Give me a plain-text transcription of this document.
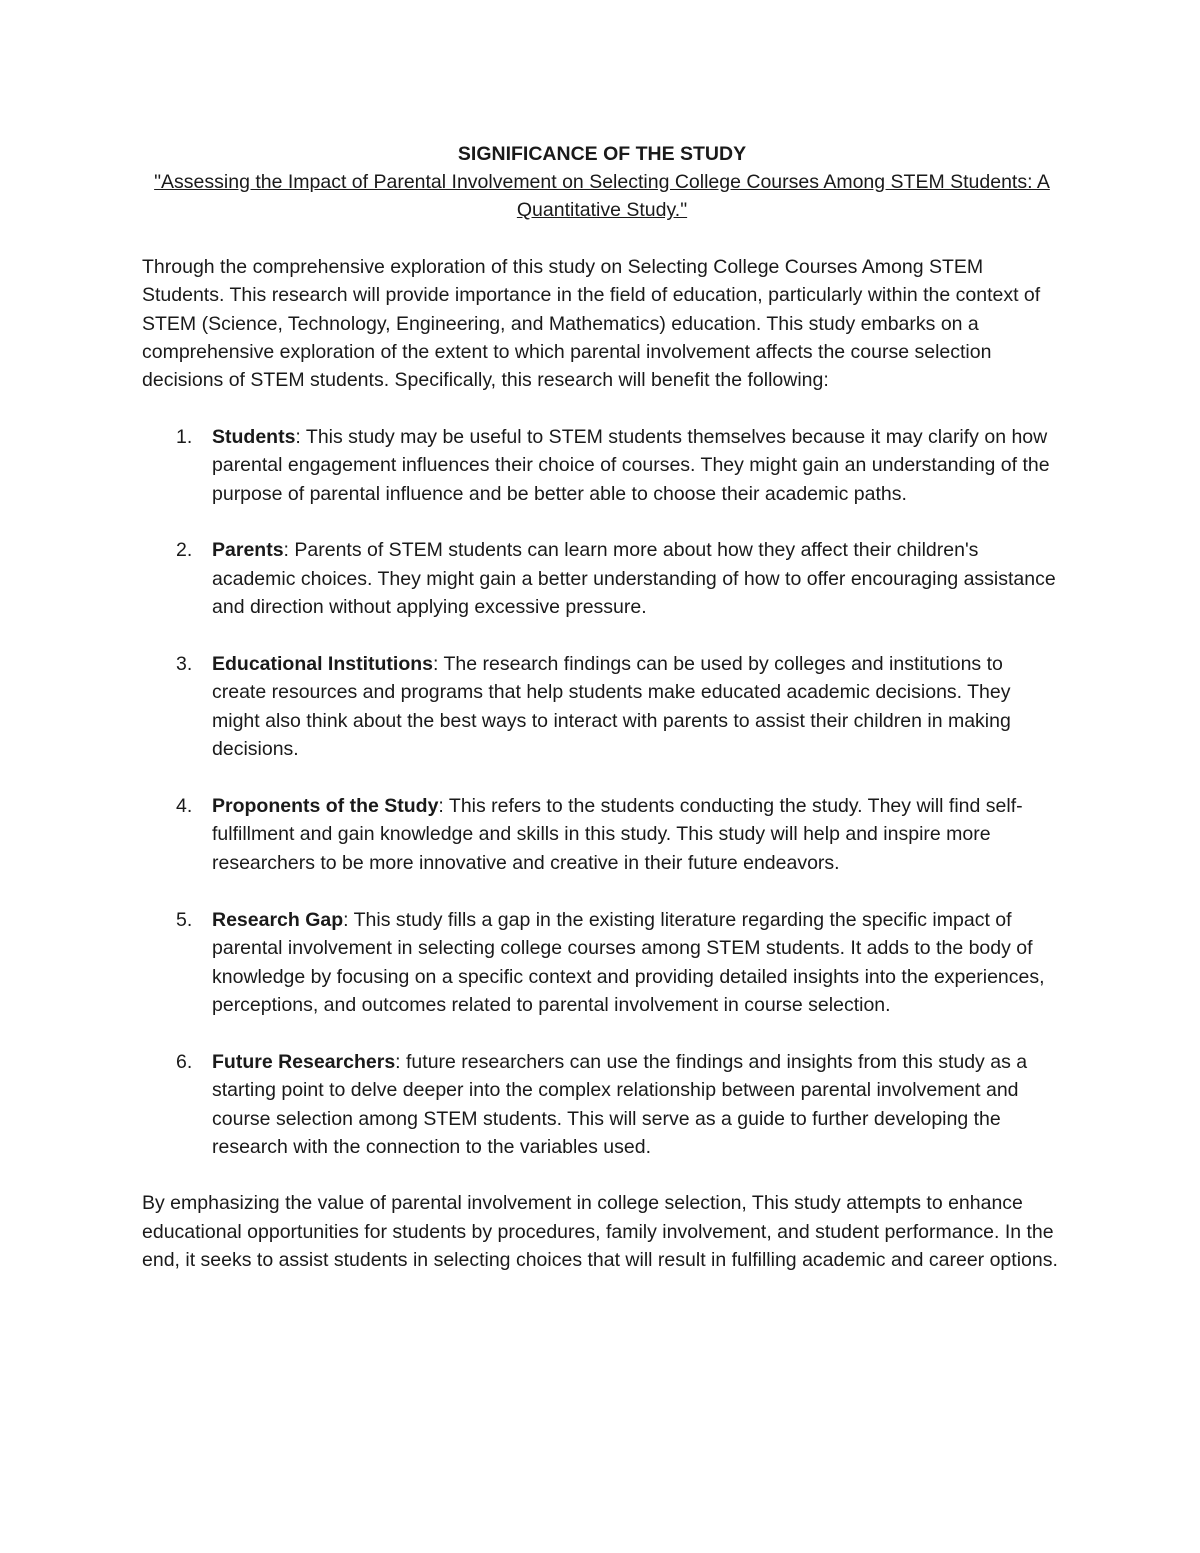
SIGNIFICANCE OF THE STUDY

"Assessing the Impact of Parental Involvement on Selecting College Courses Among STEM Students: A Quantitative Study."

Through the comprehensive exploration of this study on Selecting College Courses Among STEM Students. This research will provide importance in the field of education, particularly within the context of STEM (Science, Technology, Engineering, and Mathematics) education. This study embarks on a comprehensive exploration of the extent to which parental involvement affects the course selection decisions of STEM students. Specifically, this research will benefit the following:

1. Students: This study may be useful to STEM students themselves because it may clarify on how parental engagement influences their choice of courses. They might gain an understanding of the purpose of parental influence and be better able to choose their academic paths.
2. Parents: Parents of STEM students can learn more about how they affect their children's academic choices. They might gain a better understanding of how to offer encouraging assistance and direction without applying excessive pressure.
3. Educational Institutions: The research findings can be used by colleges and institutions to create resources and programs that help students make educated academic decisions. They might also think about the best ways to interact with parents to assist their children in making decisions.
4. Proponents of the Study: This refers to the students conducting the study. They will find self-fulfillment and gain knowledge and skills in this study. This study will help and inspire more researchers to be more innovative and creative in their future endeavors.
5. Research Gap: This study fills a gap in the existing literature regarding the specific impact of parental involvement in selecting college courses among STEM students. It adds to the body of knowledge by focusing on a specific context and providing detailed insights into the experiences, perceptions, and outcomes related to parental involvement in course selection.
6. Future Researchers: future researchers can use the findings and insights from this study as a starting point to delve deeper into the complex relationship between parental involvement and course selection among STEM students. This will serve as a guide to further developing the research with the connection to the variables used.

By emphasizing the value of parental involvement in college selection, This study attempts to enhance educational opportunities for students by procedures, family involvement, and student performance. In the end, it seeks to assist students in selecting choices that will result in fulfilling academic and career options.
